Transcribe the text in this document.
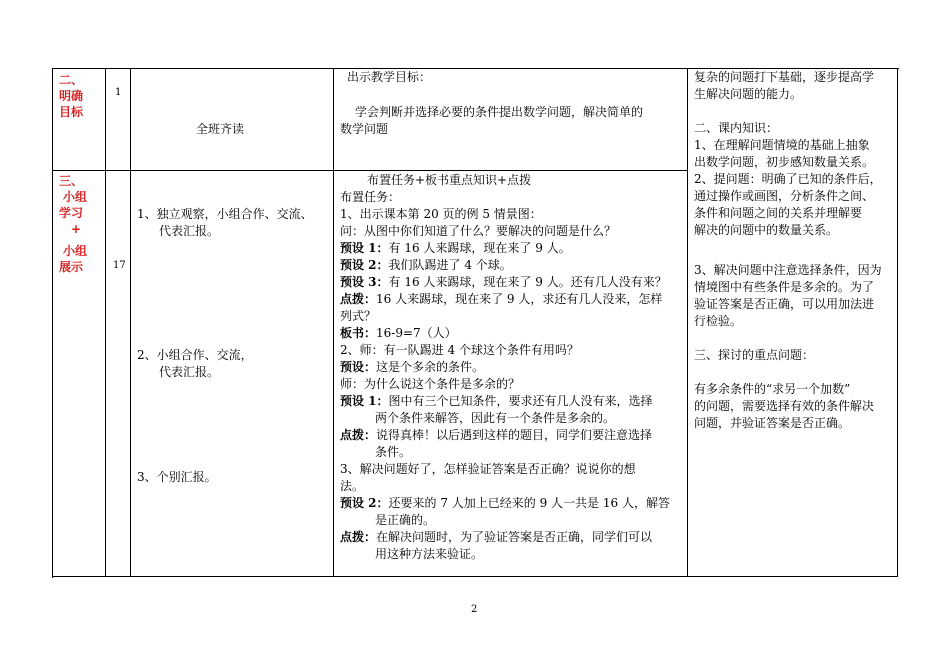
二、
明确
目标
1
全班齐读
出示教学目标：
学会判断并选择必要的条件提出数学问题，解决简单的
数学问题
三、
小组
学习
+
小组
展示	17
1、独立观察，小组合作、交流、
代表汇报。
2、小组合作、交流，
代表汇报。
3、个别汇报。
布置任务+板书重点知识+点拨
布置任务：
1、出示课本第 20 页的例 5 情景图：
问：从图中你们知道了什么？要解决的问题是什么？
预设 1：有 16 人来踢球，现在来了 9 人。
预设 2：我们队踢进了 4 个球。
预设 3：有 16 人来踢球，现在来了 9 人。还有几人没有来？
点拨：16 人来踢球，现在来了 9 人，求还有几人没来，怎样
列式？
板书：16-9=7（人）
2、师：有一队踢进 4 个球这个条件有用吗？
预设：这是个多余的条件。
师：为什么说这个条件是多余的？
预设 1：图中有三个已知条件，要求还有几人没有来，选择
两个条件来解答，因此有一个条件是多余的。
点拨：说得真棒！以后遇到这样的题目，同学们要注意选择
条件。
3、解决问题好了，怎样验证答案是否正确？说说你的想
法。
预设 2：还要来的 7 人加上已经来的 9 人一共是 16 人，解答
是正确的。
点拨：在解决问题时，为了验证答案是否正确，同学们可以
用这种方法来验证。
复杂的问题打下基础，逐步提高学
生解决问题的能力。
二、课内知识：
1、在理解问题情境的基础上抽象
出数学问题，初步感知数量关系。
2、提问题：明确了已知的条件后，
通过操作或画图，分析条件之间、
条件和问题之间的关系并理解要
解决的问题中的数量关系。
3、解决问题中注意选择条件，因为
情境图中有些条件是多余的。为了
验证答案是否正确，可以用加法进
行检验。
三、探讨的重点问题：
有多余条件的“求另一个加数”
的问题，需要选择有效的条件解决
问题，并验证答案是否正确。
2
